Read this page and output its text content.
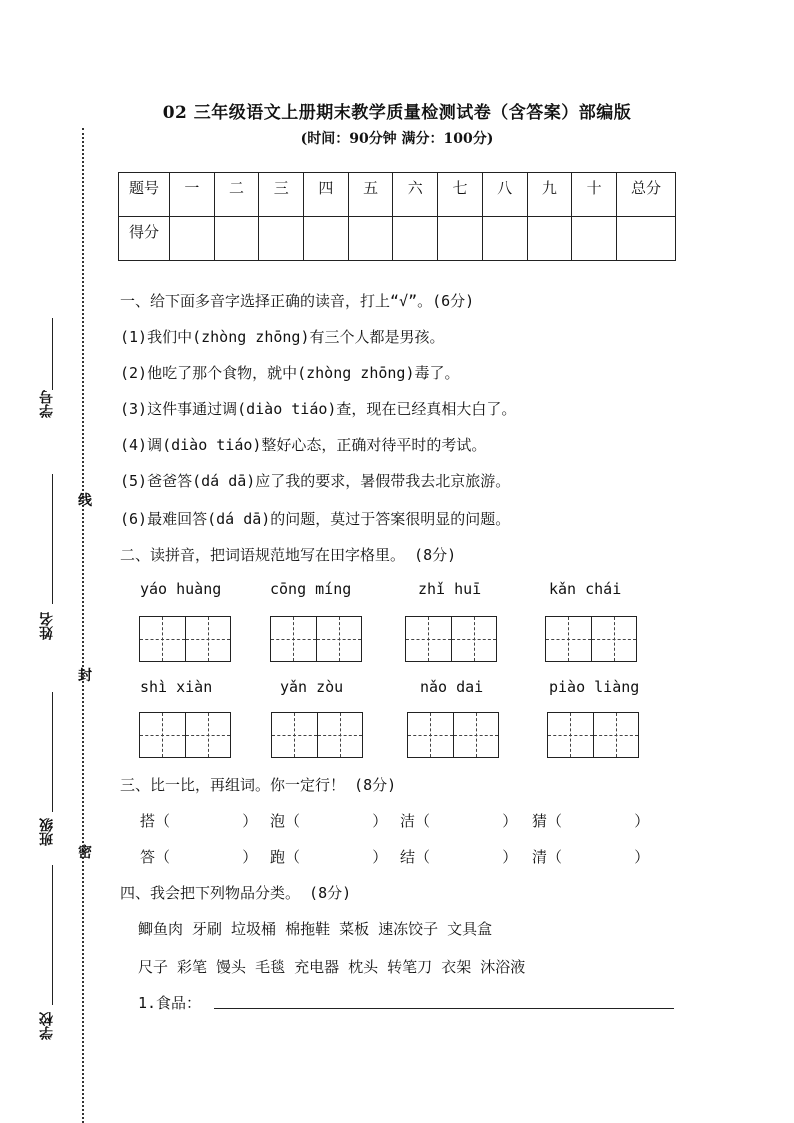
02 三年级语文上册期末教学质量检测试卷（含答案）部编版
(时间：90分钟 满分：100分)
学号
姓名
班级
学校
线
封
密
题号	一	二	三	四	五	六	七	八	九	十	总分
得分											
一、给下面多音字选择正确的读音，打上“√”。(6分)
(1)我们中(zhòng zhōng)有三个人都是男孩。
(2)他吃了那个食物，就中(zhòng zhōng)毒了。
(3)这件事通过调(diào tiáo)查，现在已经真相大白了。
(4)调(diào tiáo)整好心态，正确对待平时的考试。
(5)爸爸答(dá dā)应了我的要求，暑假带我去北京旅游。
(6)最难回答(dá dā)的问题，莫过于答案很明显的问题。
二、读拼音，把词语规范地写在田字格里。 (8分)
yáo huàng	cōng míng	zhǐ huī	kǎn chái
shì xiàn	yǎn zòu	nǎo dai	piào liàng
三、比一比，再组词。你一定行！ (8分)
搭（        ） 泡（        ） 洁（        ） 猜（        ）
答（        ） 跑（        ） 结（        ） 清（        ）
四、我会把下列物品分类。 (8分)
鲫鱼肉 牙刷 垃圾桶 棉拖鞋 菜板 速冻饺子 文具盒
尺子 彩笔 馒头 毛毯 充电器 枕头 转笔刀 衣架 沐浴液
1.食品：
